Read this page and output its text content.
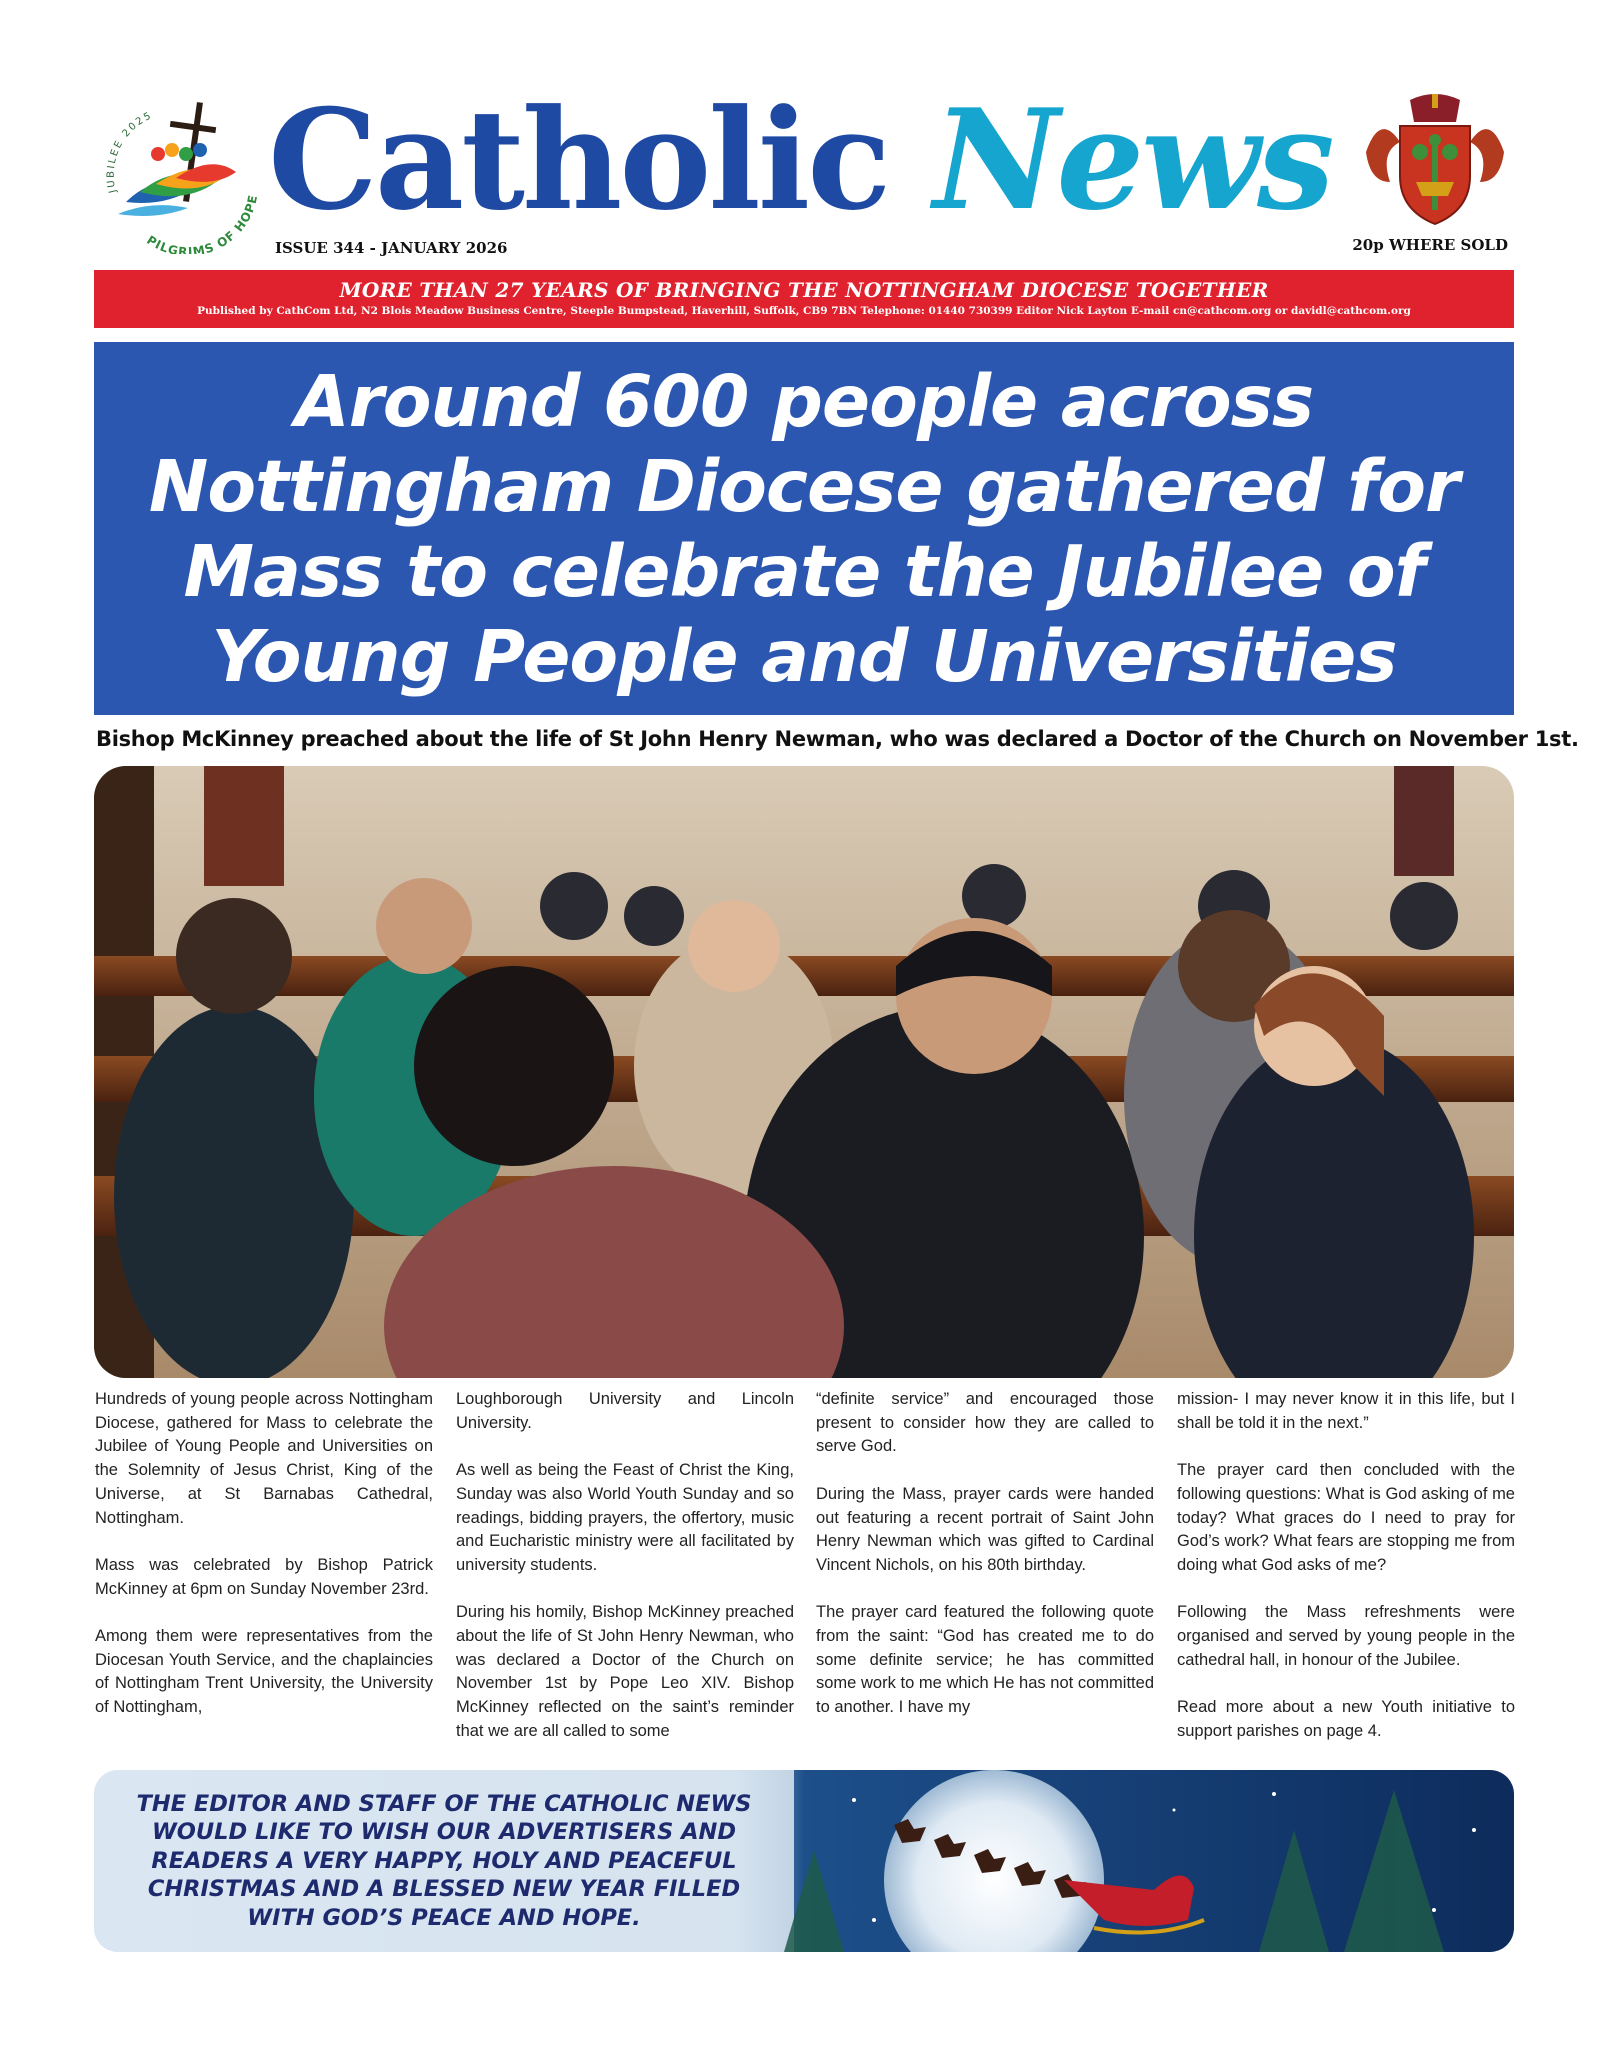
JUBILEE 2025
PILGRIMS OF HOPE Catholic News
ISSUE 344 - JANUARY 2026	20p WHERE SOLD
MORE THAN 27 YEARS OF BRINGING THE NOTTINGHAM DIOCESE TOGETHER
Published by CathCom Ltd, N2 Blois Meadow Business Centre, Steeple Bumpstead, Haverhill, Suffolk, CB9 7BN Telephone: 01440 730399 Editor Nick Layton E-mail cn@cathcom.org or davidl@cathcom.org
Around 600 people across Nottingham Diocese gathered for Mass to celebrate the Jubilee of Young People and Universities
Bishop McKinney preached about the life of St John Henry Newman, who was declared a Doctor of the Church on November 1st.

Hundreds of young people across Nottingham Diocese, gathered for Mass to celebrate the Jubilee of Young People and Universities on the Solemnity of Jesus Christ, King of the Universe, at St Barnabas Cathedral, Nottingham.

Mass was celebrated by Bishop Patrick McKinney at 6pm on Sunday November 23rd.

Among them were representatives from the Diocesan Youth Service, and the chaplaincies of Nottingham Trent University, the University of Nottingham,

Loughborough University and Lincoln University.

As well as being the Feast of Christ the King, Sunday was also World Youth Sunday and so readings, bidding prayers, the offertory, music and Eucharistic ministry were all facilitated by university students.

During his homily, Bishop McKinney preached about the life of St John Henry Newman, who was declared a Doctor of the Church on November 1st by Pope Leo XIV. Bishop McKinney reflected on the saint’s reminder that we are all called to some

“definite service” and encouraged those present to consider how they are called to serve God.

During the Mass, prayer cards were handed out featuring a recent portrait of Saint John Henry Newman which was gifted to Cardinal Vincent Nichols, on his 80th birthday.

The prayer card featured the following quote from the saint: “God has created me to do some definite service; he has committed some work to me which He has not committed to another. I have my

mission- I may never know it in this life, but I shall be told it in the next.”

The prayer card then concluded with the following questions: What is God asking of me today? What graces do I need to pray for God’s work? What fears are stopping me from doing what God asks of me?

Following the Mass refreshments were organised and served by young people in the cathedral hall, in honour of the Jubilee.

Read more about a new Youth initiative to support parishes on page 4.

THE EDITOR AND STAFF OF THE CATHOLIC NEWS WOULD LIKE TO WISH OUR ADVERTISERS AND READERS A VERY HAPPY, HOLY AND PEACEFUL CHRISTMAS AND A BLESSED NEW YEAR FILLED WITH GOD’S PEACE AND HOPE.
